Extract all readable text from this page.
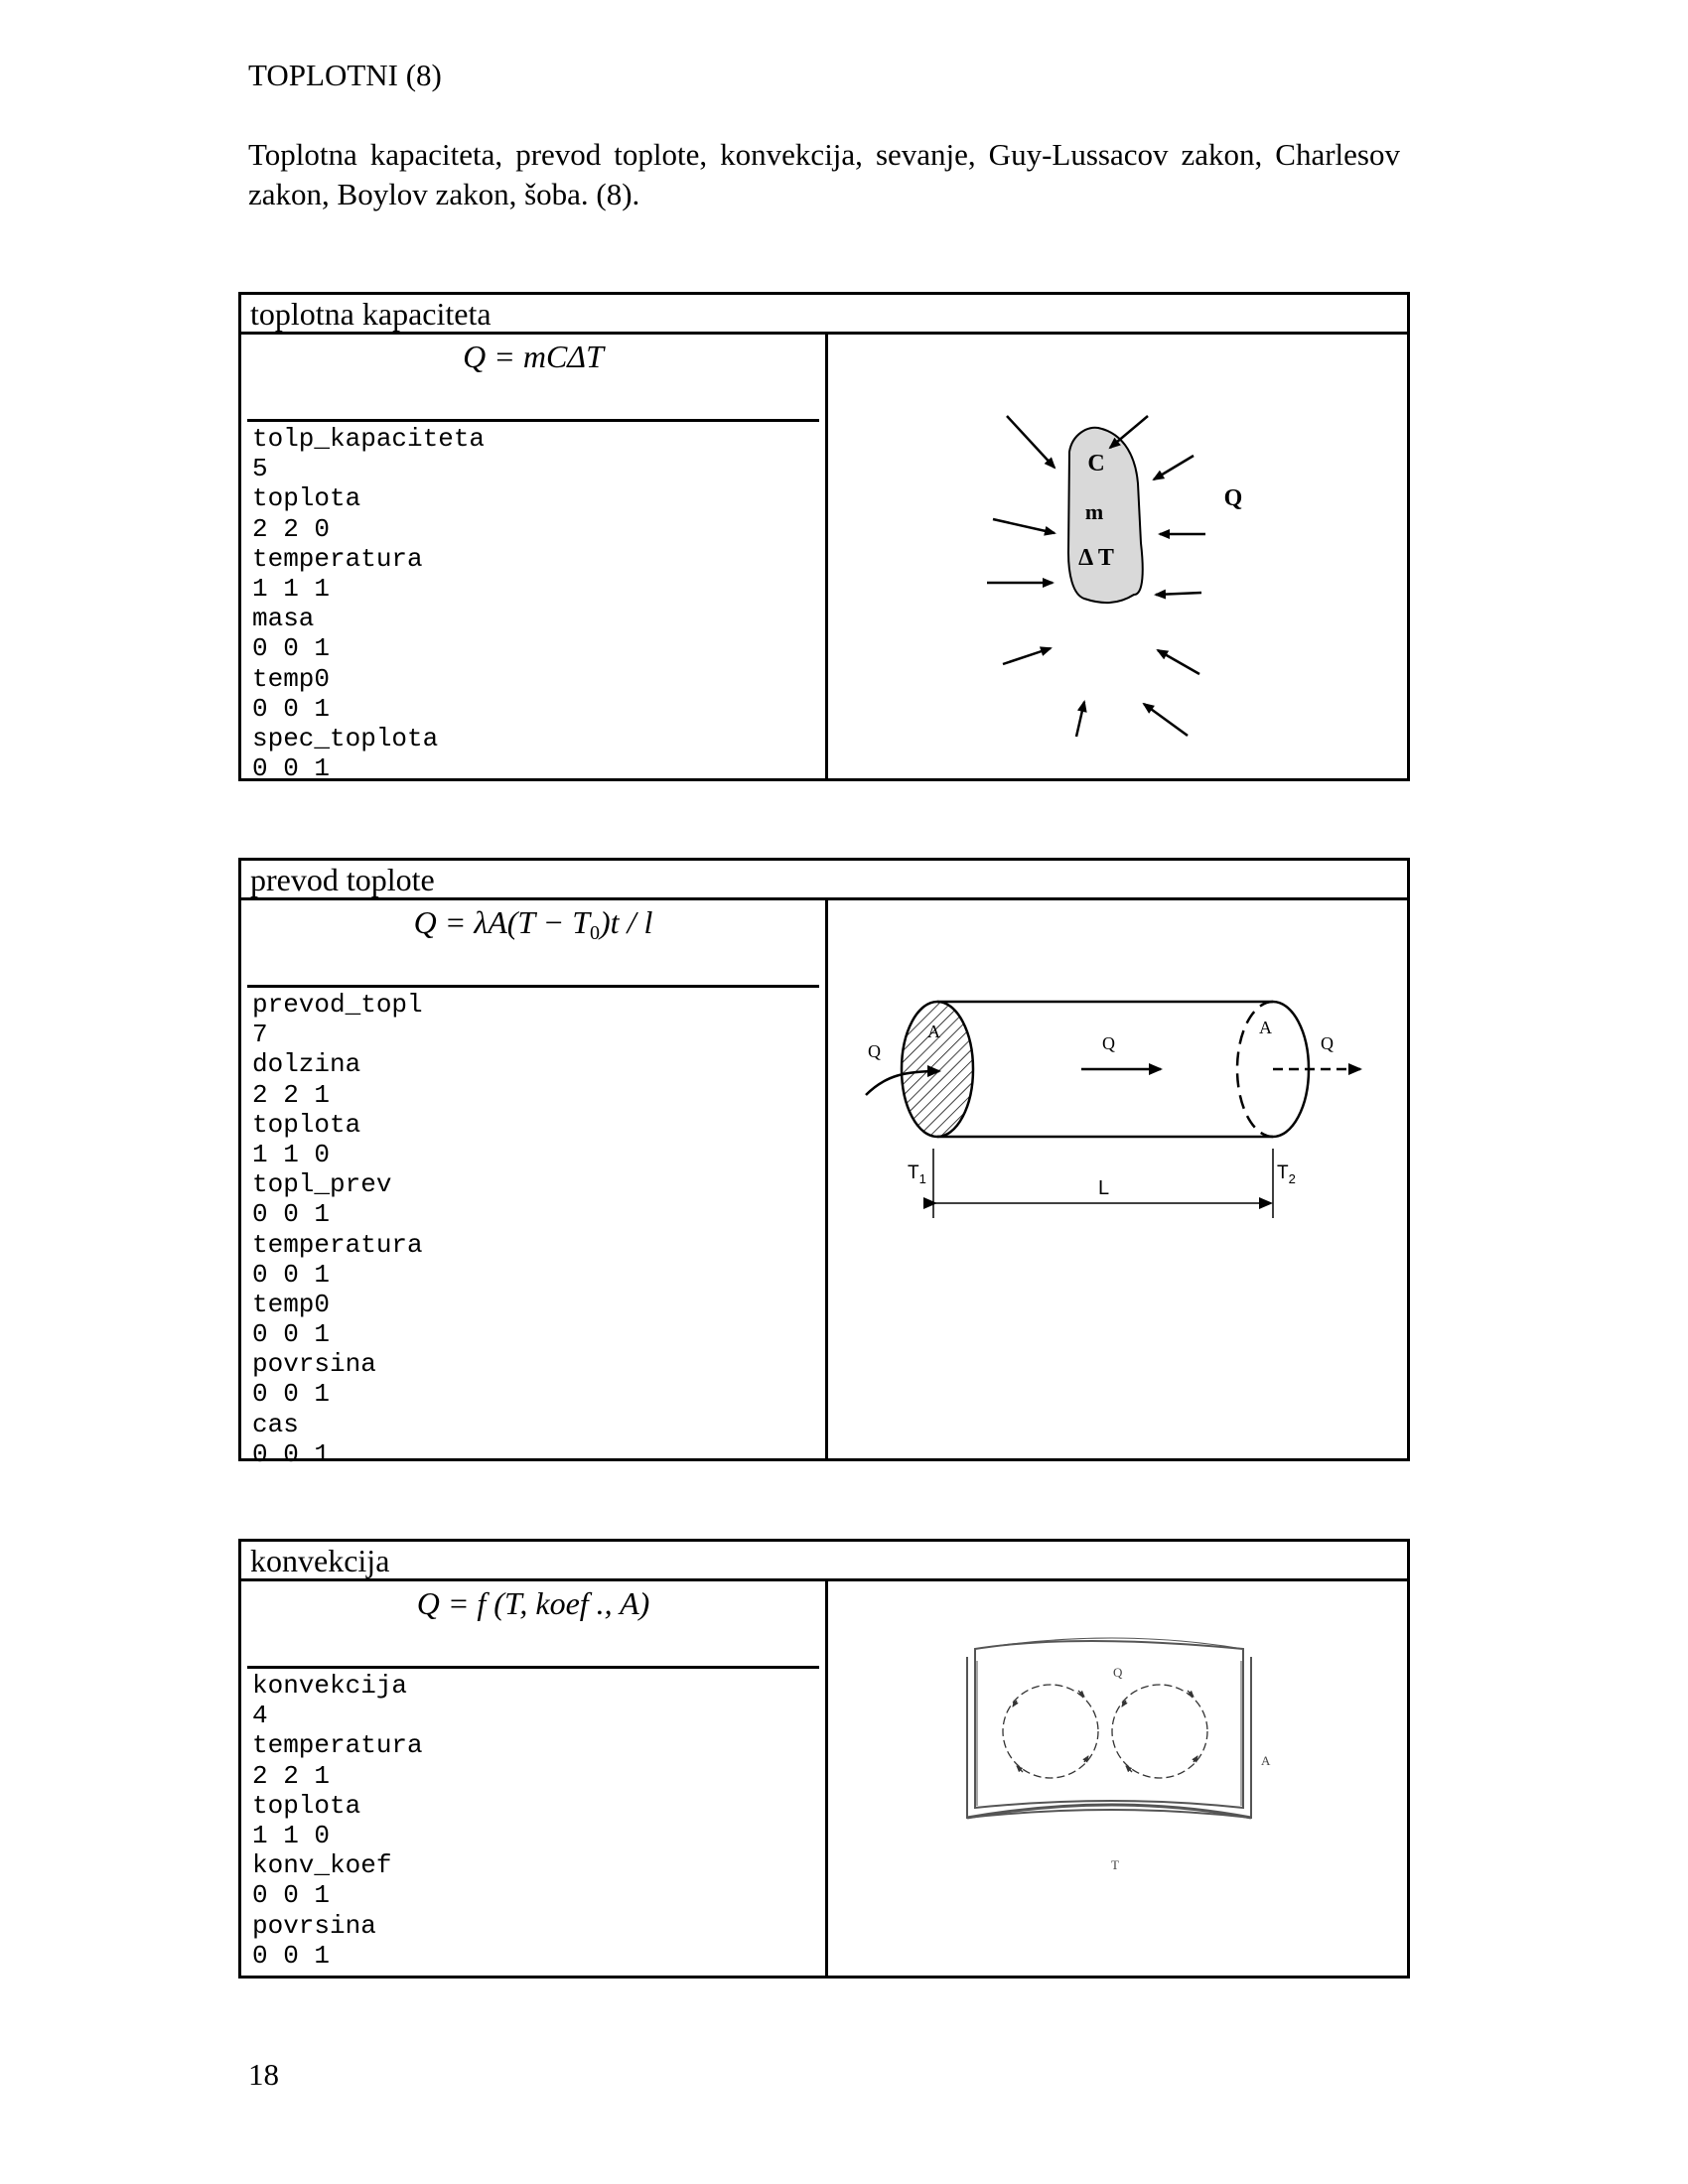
TOPLOTNI (8)
Toplotna kapaciteta, prevod toplote, konvekcija, sevanje, Guy-Lussacov zakon, Charlesov zakon, Boylov zakon, šoba. (8).
toplotna kapaciteta
Q = mCΔT
tolp_kapaciteta
5
toplota
2 2 0
temperatura
1 1 1
masa
0 0 1
temp0
0 0 1
spec_toplota
0 0 1
C
m
Δ T
Q
prevod toplote
$Q = \lambda A(T - T_0)t / l$
prevod_topl
7
dolzina
2 2 1
toplota
1 1 0
topl_prev
0 0 1
temperatura
0 0 1
temp0
0 0 1
povrsina
0 0 1
cas
0 0 1
Q
A
Q
A
Q
$T_1$	$T_2$
L
konvekcija
Q = f (T, koef ., A)
konvekcija
4
temperatura
2 2 1
toplota
1 1 0
konv_koef
0 0 1
povrsina
0 0 1
Q
A
T
18
